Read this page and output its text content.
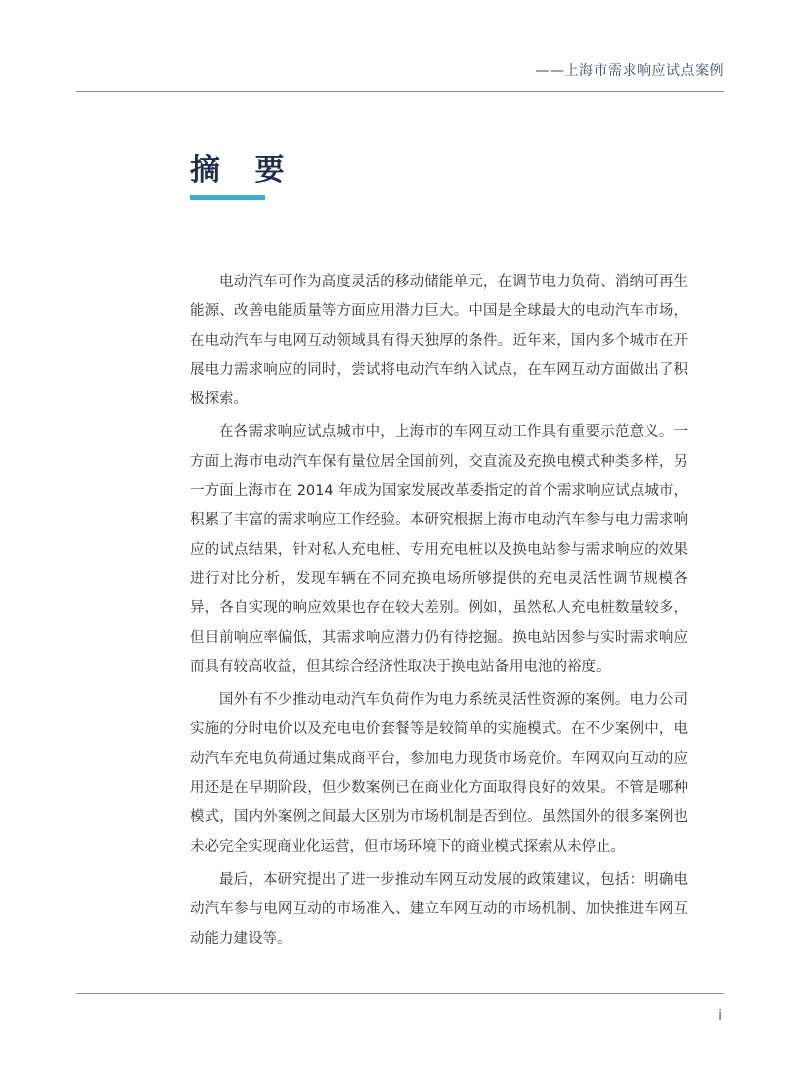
——上海市需求响应试点案例
摘 要

电动汽车可作为高度灵活的移动储能单元，在调节电力负荷、消纳可再生能源、改善电能质量等方面应用潜力巨大。中国是全球最大的电动汽车市场，在电动汽车与电网互动领域具有得天独厚的条件。近年来，国内多个城市在开展电力需求响应的同时，尝试将电动汽车纳入试点，在车网互动方面做出了积极探索。

在各需求响应试点城市中，上海市的车网互动工作具有重要示范意义。一方面上海市电动汽车保有量位居全国前列，交直流及充换电模式种类多样，另一方面上海市在 2014 年成为国家发展改革委指定的首个需求响应试点城市，积累了丰富的需求响应工作经验。本研究根据上海市电动汽车参与电力需求响应的试点结果，针对私人充电桩、专用充电桩以及换电站参与需求响应的效果进行对比分析，发现车辆在不同充换电场所够提供的充电灵活性调节规模各异，各自实现的响应效果也存在较大差别。例如，虽然私人充电桩数量较多，但目前响应率偏低，其需求响应潜力仍有待挖掘。换电站因参与实时需求响应而具有较高收益，但其综合经济性取决于换电站备用电池的裕度。

国外有不少推动电动汽车负荷作为电力系统灵活性资源的案例。电力公司实施的分时电价以及充电电价套餐等是较简单的实施模式。在不少案例中，电动汽车充电负荷通过集成商平台，参加电力现货市场竞价。车网双向互动的应用还是在早期阶段，但少数案例已在商业化方面取得良好的效果。不管是哪种模式，国内外案例之间最大区别为市场机制是否到位。虽然国外的很多案例也未必完全实现商业化运营，但市场环境下的商业模式探索从未停止。

最后，本研究提出了进一步推动车网互动发展的政策建议，包括：明确电动汽车参与电网互动的市场准入、建立车网互动的市场机制、加快推进车网互动能力建设等。

i
